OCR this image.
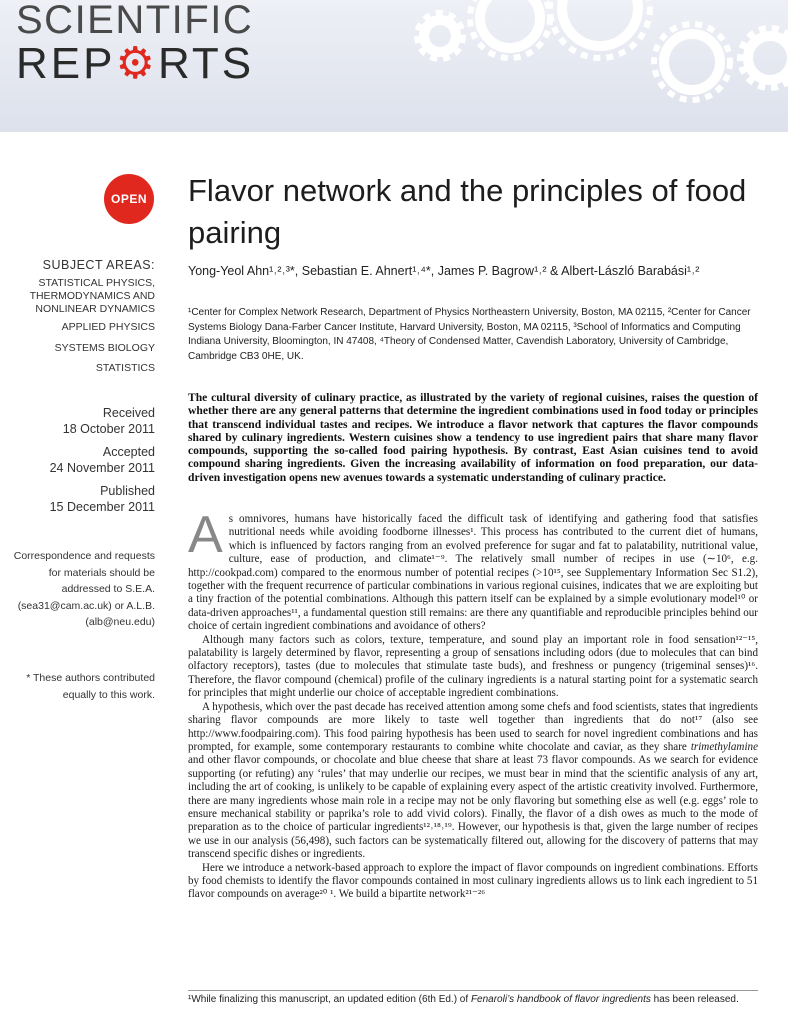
SCIENTIFIC
REP⚙RTS
OPEN Flavor network and the principles of food pairing
Yong-Yeol Ahn¹˒²˒³*, Sebastian E. Ahnert¹˒⁴*, James P. Bagrow¹˒² & Albert-László Barabási¹˒²
¹Center for Complex Network Research, Department of Physics Northeastern University, Boston, MA 02115, ²Center for Cancer Systems Biology Dana-Farber Cancer Institute, Harvard University, Boston, MA 02115, ³School of Informatics and Computing Indiana University, Bloomington, IN 47408, ⁴Theory of Condensed Matter, Cavendish Laboratory, University of Cambridge, Cambridge CB3 0HE, UK.
SUBJECT AREAS:
STATISTICAL PHYSICS, THERMODYNAMICS AND NONLINEAR DYNAMICS
APPLIED PHYSICS
SYSTEMS BIOLOGY
STATISTICS
Received
18 October 2011
Accepted
24 November 2011
Published
15 December 2011
Correspondence and requests for materials should be addressed to S.E.A. (sea31@cam.ac.uk) or A.L.B. (alb@neu.edu)
* These authors contributed equally to this work.
The cultural diversity of culinary practice, as illustrated by the variety of regional cuisines, raises the question of whether there are any general patterns that determine the ingredient combinations used in food today or principles that transcend individual tastes and recipes. We introduce a flavor network that captures the flavor compounds shared by culinary ingredients. Western cuisines show a tendency to use ingredient pairs that share many flavor compounds, supporting the so-called food pairing hypothesis. By contrast, East Asian cuisines tend to avoid compound sharing ingredients. Given the increasing availability of information on food preparation, our data-driven investigation opens new avenues towards a systematic understanding of culinary practice.

As omnivores, humans have historically faced the difficult task of identifying and gathering food that satisfies nutritional needs while avoiding foodborne illnesses¹. This process has contributed to the current diet of humans, which is influenced by factors ranging from an evolved preference for sugar and fat to palatability, nutritional value, culture, ease of production, and climate¹⁻⁹. The relatively small number of recipes in use (∼10⁶, e.g. http://cookpad.com) compared to the enormous number of potential recipes (>10¹⁵, see Supplementary Information Sec S1.2), together with the frequent recurrence of particular combinations in various regional cuisines, indicates that we are exploiting but a tiny fraction of the potential combinations. Although this pattern itself can be explained by a simple evolutionary model¹⁰ or data-driven approaches¹¹, a fundamental question still remains: are there any quantifiable and reproducible principles behind our choice of certain ingredient combinations and avoidance of others?

Although many factors such as colors, texture, temperature, and sound play an important role in food sensation¹²⁻¹⁵, palatability is largely determined by flavor, representing a group of sensations including odors (due to molecules that can bind olfactory receptors), tastes (due to molecules that stimulate taste buds), and freshness or pungency (trigeminal senses)¹⁶. Therefore, the flavor compound (chemical) profile of the culinary ingredients is a natural starting point for a systematic search for principles that might underlie our choice of acceptable ingredient combinations.

A hypothesis, which over the past decade has received attention among some chefs and food scientists, states that ingredients sharing flavor compounds are more likely to taste well together than ingredients that do not¹⁷ (also see http://www.foodpairing.com). This food pairing hypothesis has been used to search for novel ingredient combinations and has prompted, for example, some contemporary restaurants to combine white chocolate and caviar, as they share trimethylamine and other flavor compounds, or chocolate and blue cheese that share at least 73 flavor compounds. As we search for evidence supporting (or refuting) any ‘rules’ that may underlie our recipes, we must bear in mind that the scientific analysis of any art, including the art of cooking, is unlikely to be capable of explaining every aspect of the artistic creativity involved. Furthermore, there are many ingredients whose main role in a recipe may not be only flavoring but something else as well (e.g. eggs’ role to ensure mechanical stability or paprika’s role to add vivid colors). Finally, the flavor of a dish owes as much to the mode of preparation as to the choice of particular ingredients¹²˒¹⁸˒¹⁹. However, our hypothesis is that, given the large number of recipes we use in our analysis (56,498), such factors can be systematically filtered out, allowing for the discovery of patterns that may transcend specific dishes or ingredients.

Here we introduce a network-based approach to explore the impact of flavor compounds on ingredient combinations. Efforts by food chemists to identify the flavor compounds contained in most culinary ingredients allows us to link each ingredient to 51 flavor compounds on average²⁰ ¹. We build a bipartite network²¹⁻²⁶

¹While finalizing this manuscript, an updated edition (6th Ed.) of Fenaroli’s handbook of flavor ingredients has been released.
